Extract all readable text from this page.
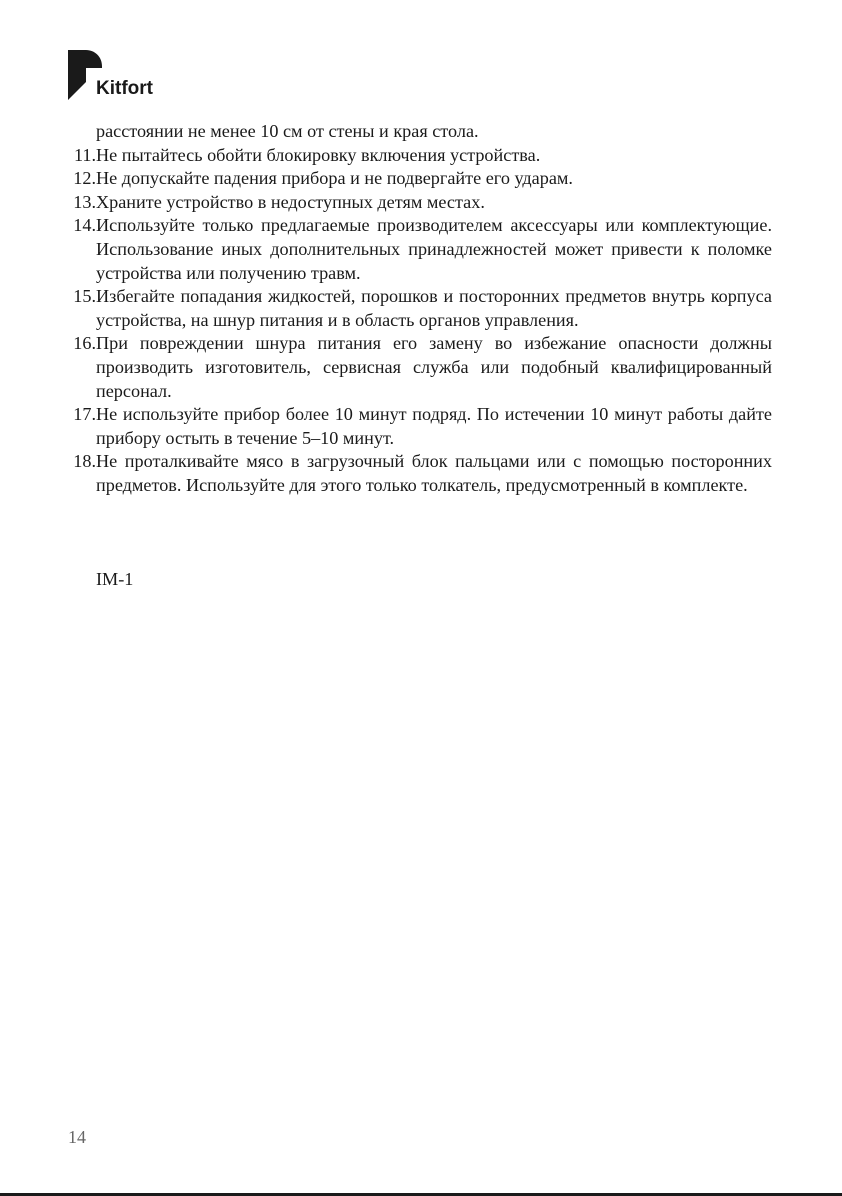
Kitfort
расстоянии не менее 10 см от стены и края стола.
11. Не пытайтесь обойти блокировку включения устройства.
12. Не допускайте падения прибора и не подвергайте его ударам.
13. Храните устройство в недоступных детям местах.
14. Используйте только предлагаемые производителем аксессуары или комплектующие. Использование иных дополнительных принадлежностей может привести к поломке устройства или получению травм.
15. Избегайте попадания жидкостей, порошков и посторонних предметов внутрь корпуса устройства, на шнур питания и в область органов управления.
16. При повреждении шнура питания его замену во избежание опасности должны производить изготовитель, сервисная служба или подобный квалифицированный персонал.
17. Не используйте прибор более 10 минут подряд. По истечении 10 минут работы дайте прибору остыть в течение 5–10 минут.
18. Не проталкивайте мясо в загрузочный блок пальцами или с помощью посторонних предметов. Используйте для этого только толкатель, предусмотренный в комплекте.
IM-1
14
